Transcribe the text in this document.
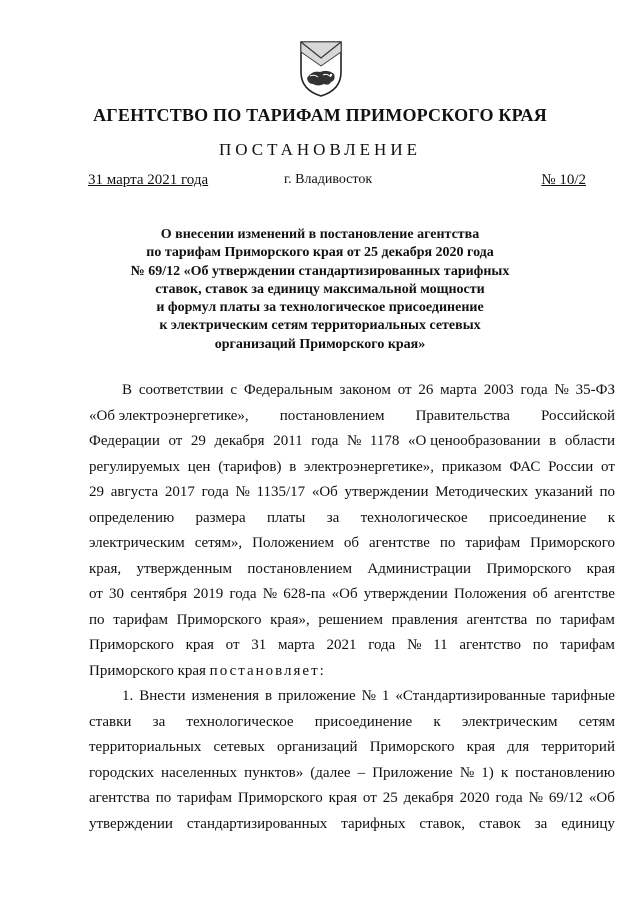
АГЕНТСТВО ПО ТАРИФАМ ПРИМОРСКОГО КРАЯ
ПОСТАНОВЛЕНИЕ
31 марта 2021 года	г. Владивосток	№ 10/2
О внесении изменений в постановление агентства
по тарифам Приморского края от 25 декабря 2020 года
№ 69/12 «Об утверждении стандартизированных тарифных
ставок, ставок за единицу максимальной мощности
и формул платы за технологическое присоединение
к электрическим сетям территориальных сетевых
организаций Приморского края»
В соответствии с Федеральным законом от 26 марта 2003 года № 35-ФЗ
«Об электроэнергетике», постановлением Правительства Российской
Федерации от 29 декабря 2011 года № 1178 «О ценообразовании в области
регулируемых цен (тарифов) в электроэнергетике», приказом ФАС России от
29 августа 2017 года № 1135/17 «Об утверждении Методических указаний по
определению размера платы за технологическое присоединение к
электрическим сетям», Положением об агентстве по тарифам Приморского
края, утвержденным постановлением Администрации Приморского края
от 30 сентября 2019 года № 628-па «Об утверждении Положения об агентстве
по тарифам Приморского края», решением правления агентства по тарифам
Приморского края от 31 марта 2021 года № 11 агентство по тарифам
Приморского края постановляет:
1. Внести изменения в приложение № 1 «Стандартизированные тарифные
ставки за технологическое присоединение к электрическим сетям
территориальных сетевых организаций Приморского края для территорий
городских населенных пунктов» (далее – Приложение № 1) к постановлению
агентства по тарифам Приморского края от 25 декабря 2020 года № 69/12 «Об
утверждении стандартизированных тарифных ставок, ставок за единицу
